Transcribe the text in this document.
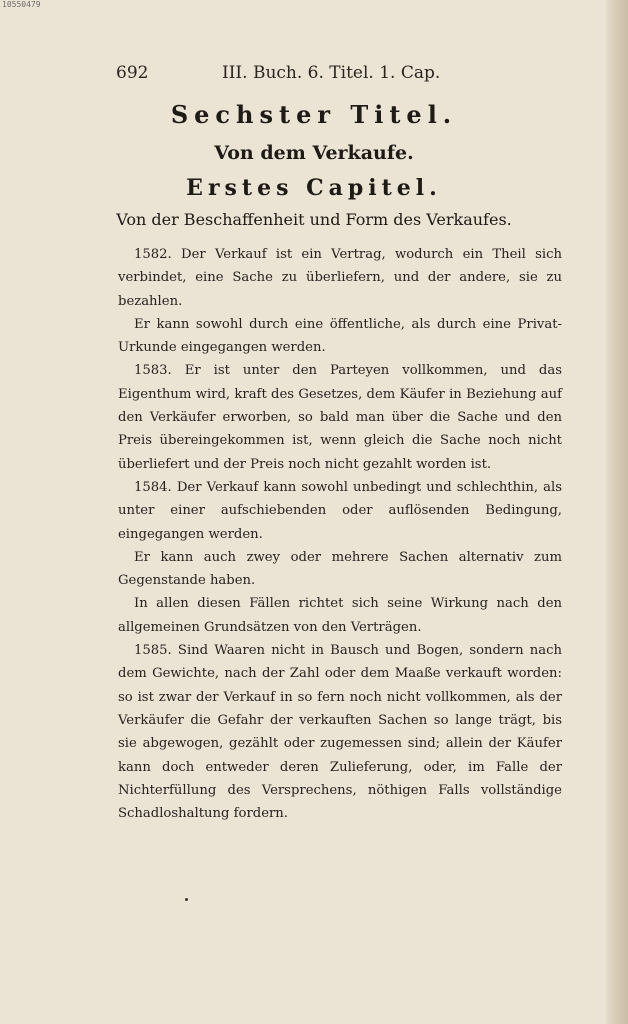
10550479
692	III. Buch. 6. Titel. 1. Cap.
Sechster Titel.
Von dem Verkaufe.
Erstes Capitel.
Von der Beschaffenheit und Form des Verkaufes.

1582. Der Verkauf ist ein Vertrag, wodurch ein Theil sich verbindet, eine Sache zu überliefern, und der andere, sie zu bezahlen.

Er kann sowohl durch eine öffentliche, als durch eine Privat-Urkunde eingegangen werden.

1583. Er ist unter den Parteyen vollkommen, und das Eigenthum wird, kraft des Gesetzes, dem Käufer in Beziehung auf den Verkäufer erworben, so bald man über die Sache und den Preis übereingekommen ist, wenn gleich die Sache noch nicht überliefert und der Preis noch nicht gezahlt worden ist.

1584. Der Verkauf kann sowohl unbedingt und schlechthin, als unter einer aufschiebenden oder auflösenden Bedingung, eingegangen werden.

Er kann auch zwey oder mehrere Sachen alternativ zum Gegenstande haben.

In allen diesen Fällen richtet sich seine Wirkung nach den allgemeinen Grundsätzen von den Verträgen.

1585. Sind Waaren nicht in Bausch und Bogen, sondern nach dem Gewichte, nach der Zahl oder dem Maaße verkauft worden: so ist zwar der Verkauf in so fern noch nicht vollkommen, als der Verkäufer die Gefahr der verkauften Sachen so lange trägt, bis sie abgewogen, gezählt oder zugemessen sind; allein der Käufer kann doch entweder deren Zulieferung, oder, im Falle der Nichterfüllung des Versprechens, nöthigen Falls vollständige Schadloshaltung fordern.
